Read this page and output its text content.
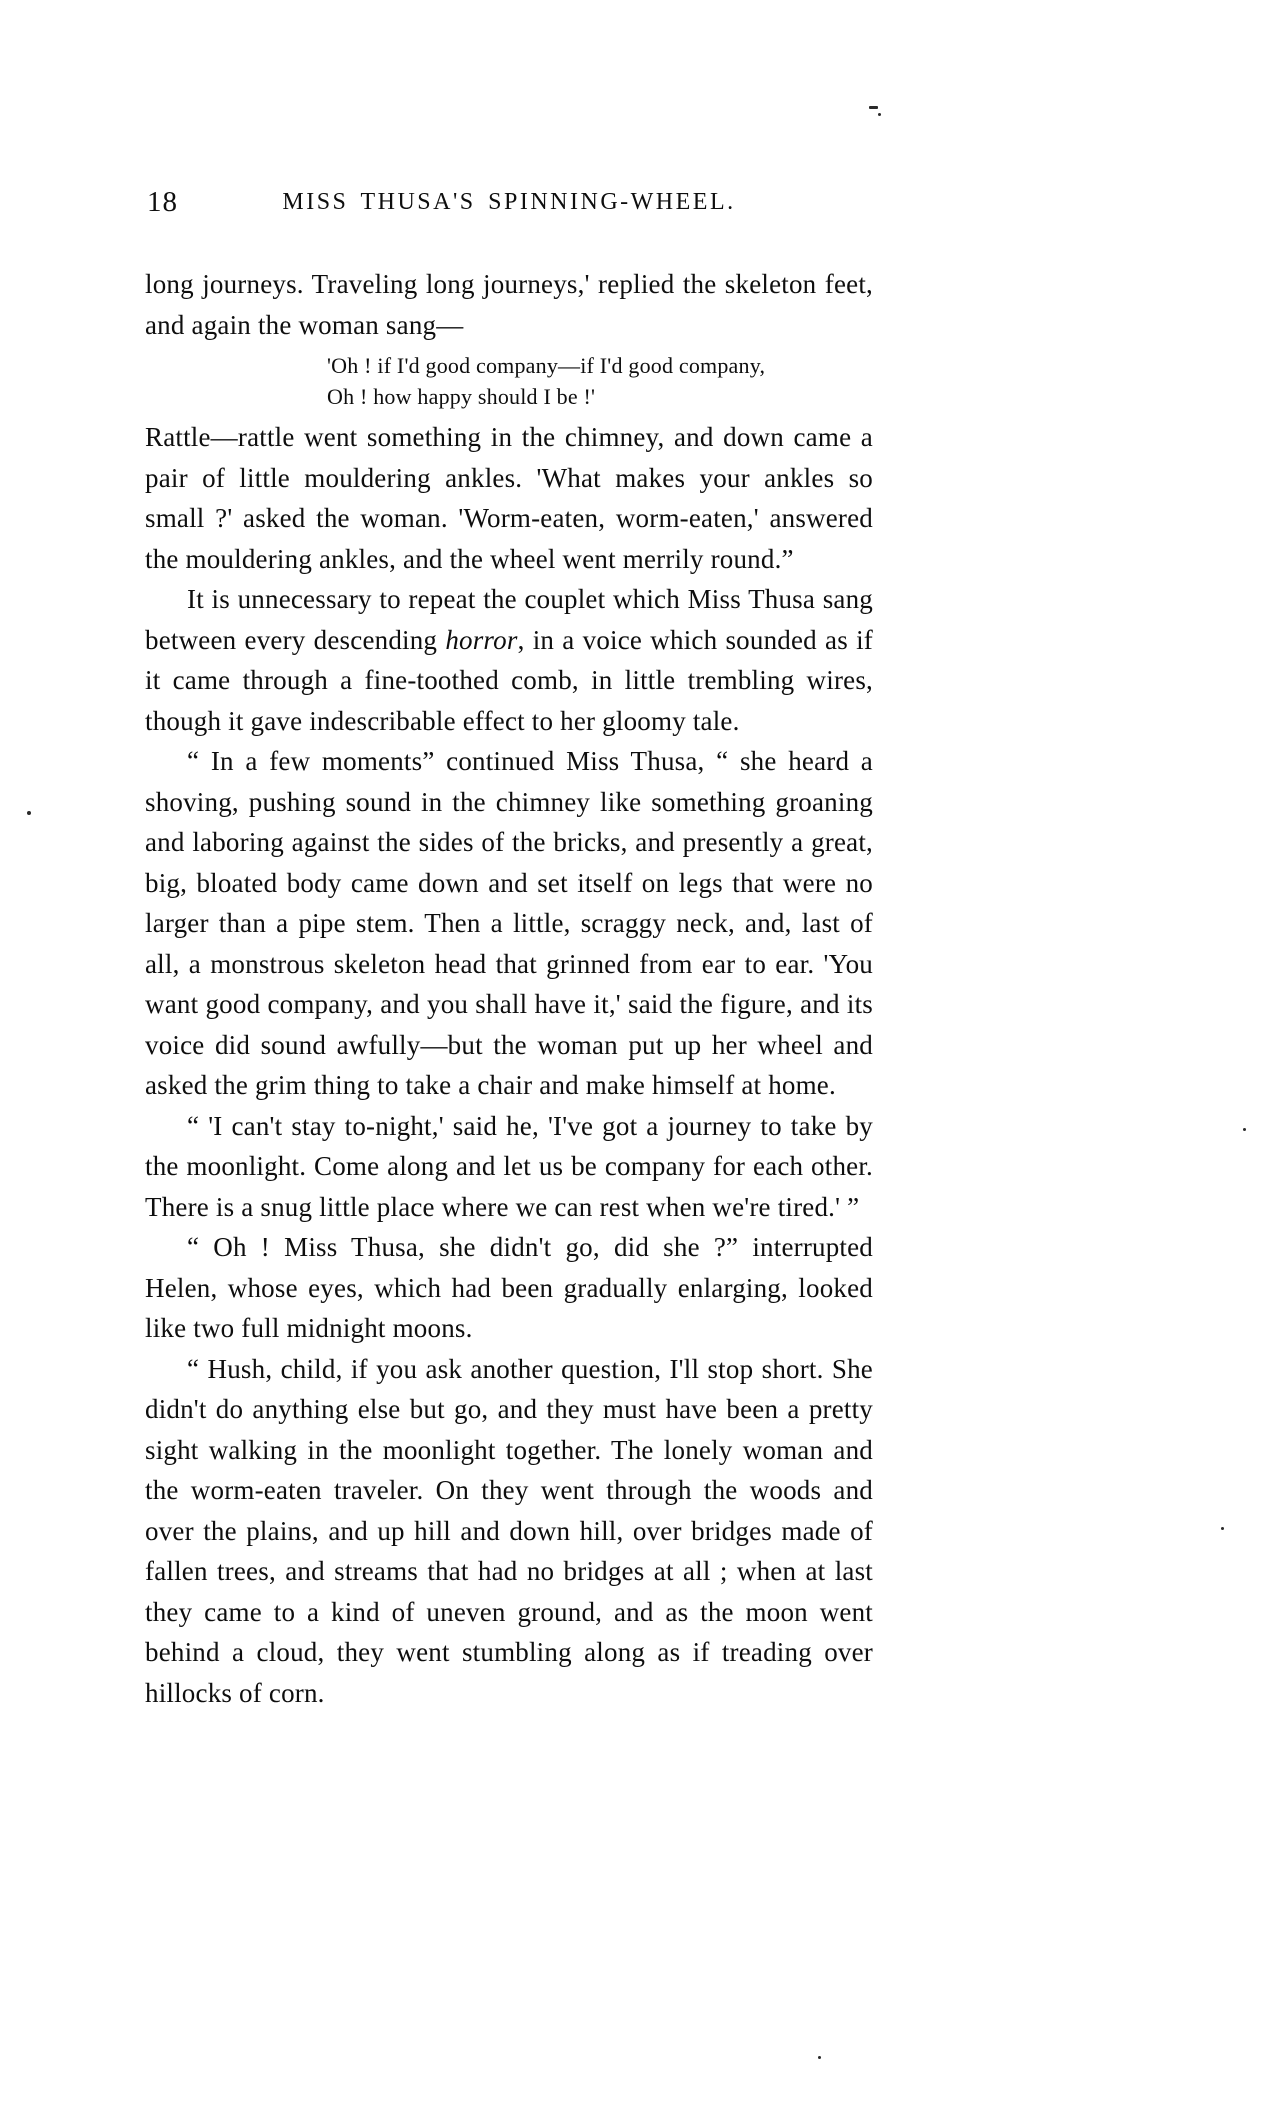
18	MISS THUSA'S SPINNING-WHEEL.

long journeys. Traveling long journeys,' replied the skeleton feet, and again the woman sang—

'Oh ! if I'd good company—if I'd good company,
Oh ! how happy should I be !'

Rattle—rattle went something in the chimney, and down came a pair of little mouldering ankles. 'What makes your ankles so small ?' asked the woman. 'Worm-eaten, worm-eaten,' answered the mouldering ankles, and the wheel went merrily round.”

It is unnecessary to repeat the couplet which Miss Thusa sang between every descending horror, in a voice which sounded as if it came through a fine-toothed comb, in little trembling wires, though it gave indescribable effect to her gloomy tale.

“ In a few moments” continued Miss Thusa, “ she heard a shoving, pushing sound in the chimney like something groaning and laboring against the sides of the bricks, and presently a great, big, bloated body came down and set itself on legs that were no larger than a pipe stem. Then a little, scraggy neck, and, last of all, a monstrous skeleton head that grinned from ear to ear. 'You want good company, and you shall have it,' said the figure, and its voice did sound awfully—but the woman put up her wheel and asked the grim thing to take a chair and make himself at home.

“ 'I can't stay to-night,' said he, 'I've got a journey to take by the moonlight. Come along and let us be company for each other. There is a snug little place where we can rest when we're tired.' ”

“ Oh ! Miss Thusa, she didn't go, did she ?” interrupted Helen, whose eyes, which had been gradually enlarging, looked like two full midnight moons.

“ Hush, child, if you ask another question, I'll stop short. She didn't do anything else but go, and they must have been a pretty sight walking in the moonlight together. The lonely woman and the worm-eaten traveler. On they went through the woods and over the plains, and up hill and down hill, over bridges made of fallen trees, and streams that had no bridges at all ; when at last they came to a kind of uneven ground, and as the moon went behind a cloud, they went stumbling along as if treading over hillocks of corn.
